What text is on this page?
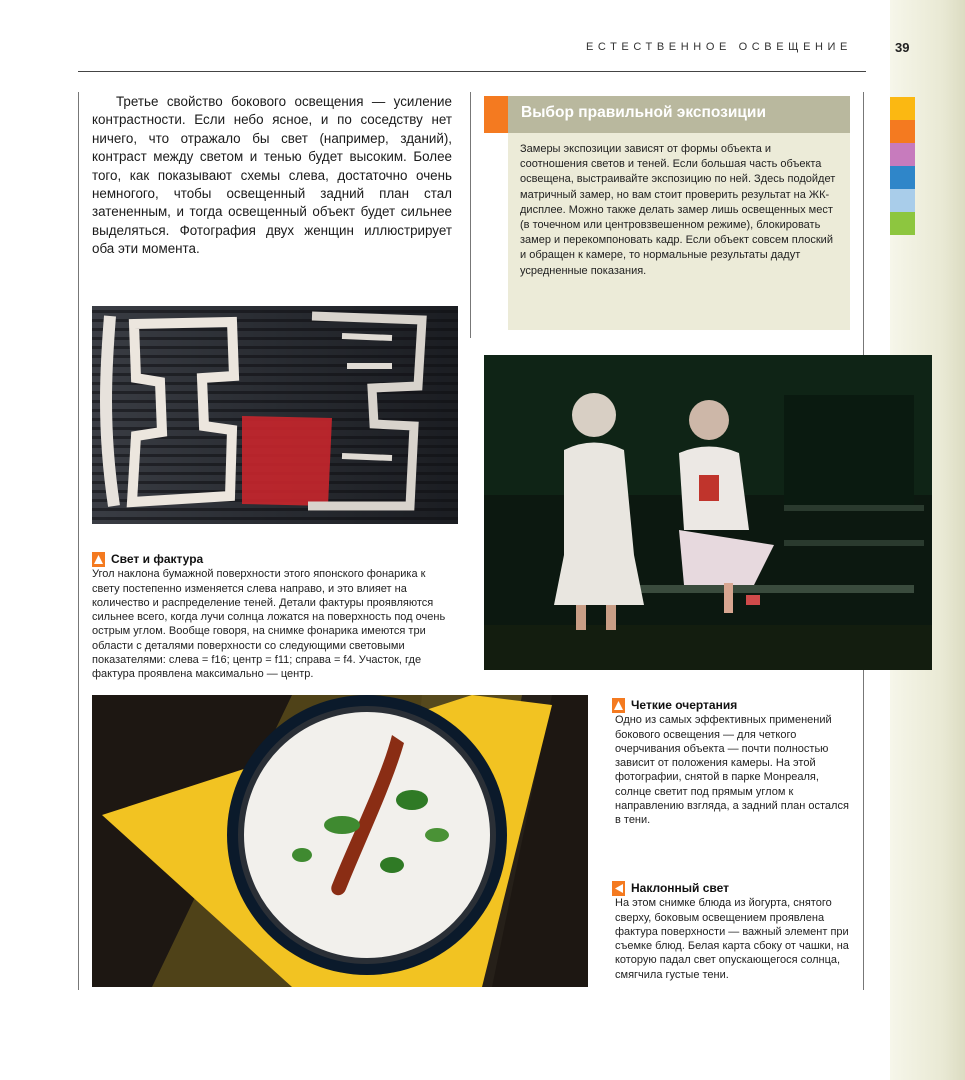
ЕСТЕСТВЕННОЕ ОСВЕЩЕНИЕ	39
Третье свойство бокового освещения — усиление контрастности. Если небо ясное, и по соседству нет ничего, что отражало бы свет (например, зданий), контраст между светом и тенью будет высоким. Более того, как показывают схемы слева, достаточно очень немногого, чтобы освещенный задний план стал затененным, и тогда освещенный объект будет сильнее выделяться. Фотография двух женщин иллюстрирует оба эти момента.
Выбор правильной экспозиции
Замеры экспозиции зависят от формы объекта и соотношения светов и теней. Если большая часть объекта освещена, выстраивайте экспозицию по ней. Здесь подойдет матричный замер, но вам стоит проверить результат на ЖК-дисплее. Можно также делать замер лишь освещенных мест (в точечном или центровзвешенном режиме), блокировать замер и перекомпоновать кадр. Если объект совсем плоский и обращен к камере, то нормальные результаты дадут усредненные показания.
Свет и фактура
Угол наклона бумажной поверхности этого японского фонарика к свету постепенно изменяется слева направо, и это влияет на количество и распределение теней. Детали фактуры проявляются сильнее всего, когда лучи солнца ложатся на поверхность под очень острым углом. Вообще говоря, на снимке фонарика имеются три области с деталями поверхности со следующими световыми показателями: слева = f16; центр = f11; справа = f4. Участок, где фактура проявлена максимально — центр.
Четкие очертания
Одно из самых эффективных применений бокового освещения — для четкого очерчивания объекта — почти полностью зависит от положения камеры. На этой фотографии, снятой в парке Монреаля, солнце светит под прямым углом к направлению взгляда, а задний план остался в тени.
Наклонный свет
На этом снимке блюда из йогурта, снятого сверху, боковым освещением проявлена фактура поверхности — важный элемент при съемке блюд. Белая карта сбоку от чашки, на которую падал свет опускающегося солнца, смягчила густые тени.
